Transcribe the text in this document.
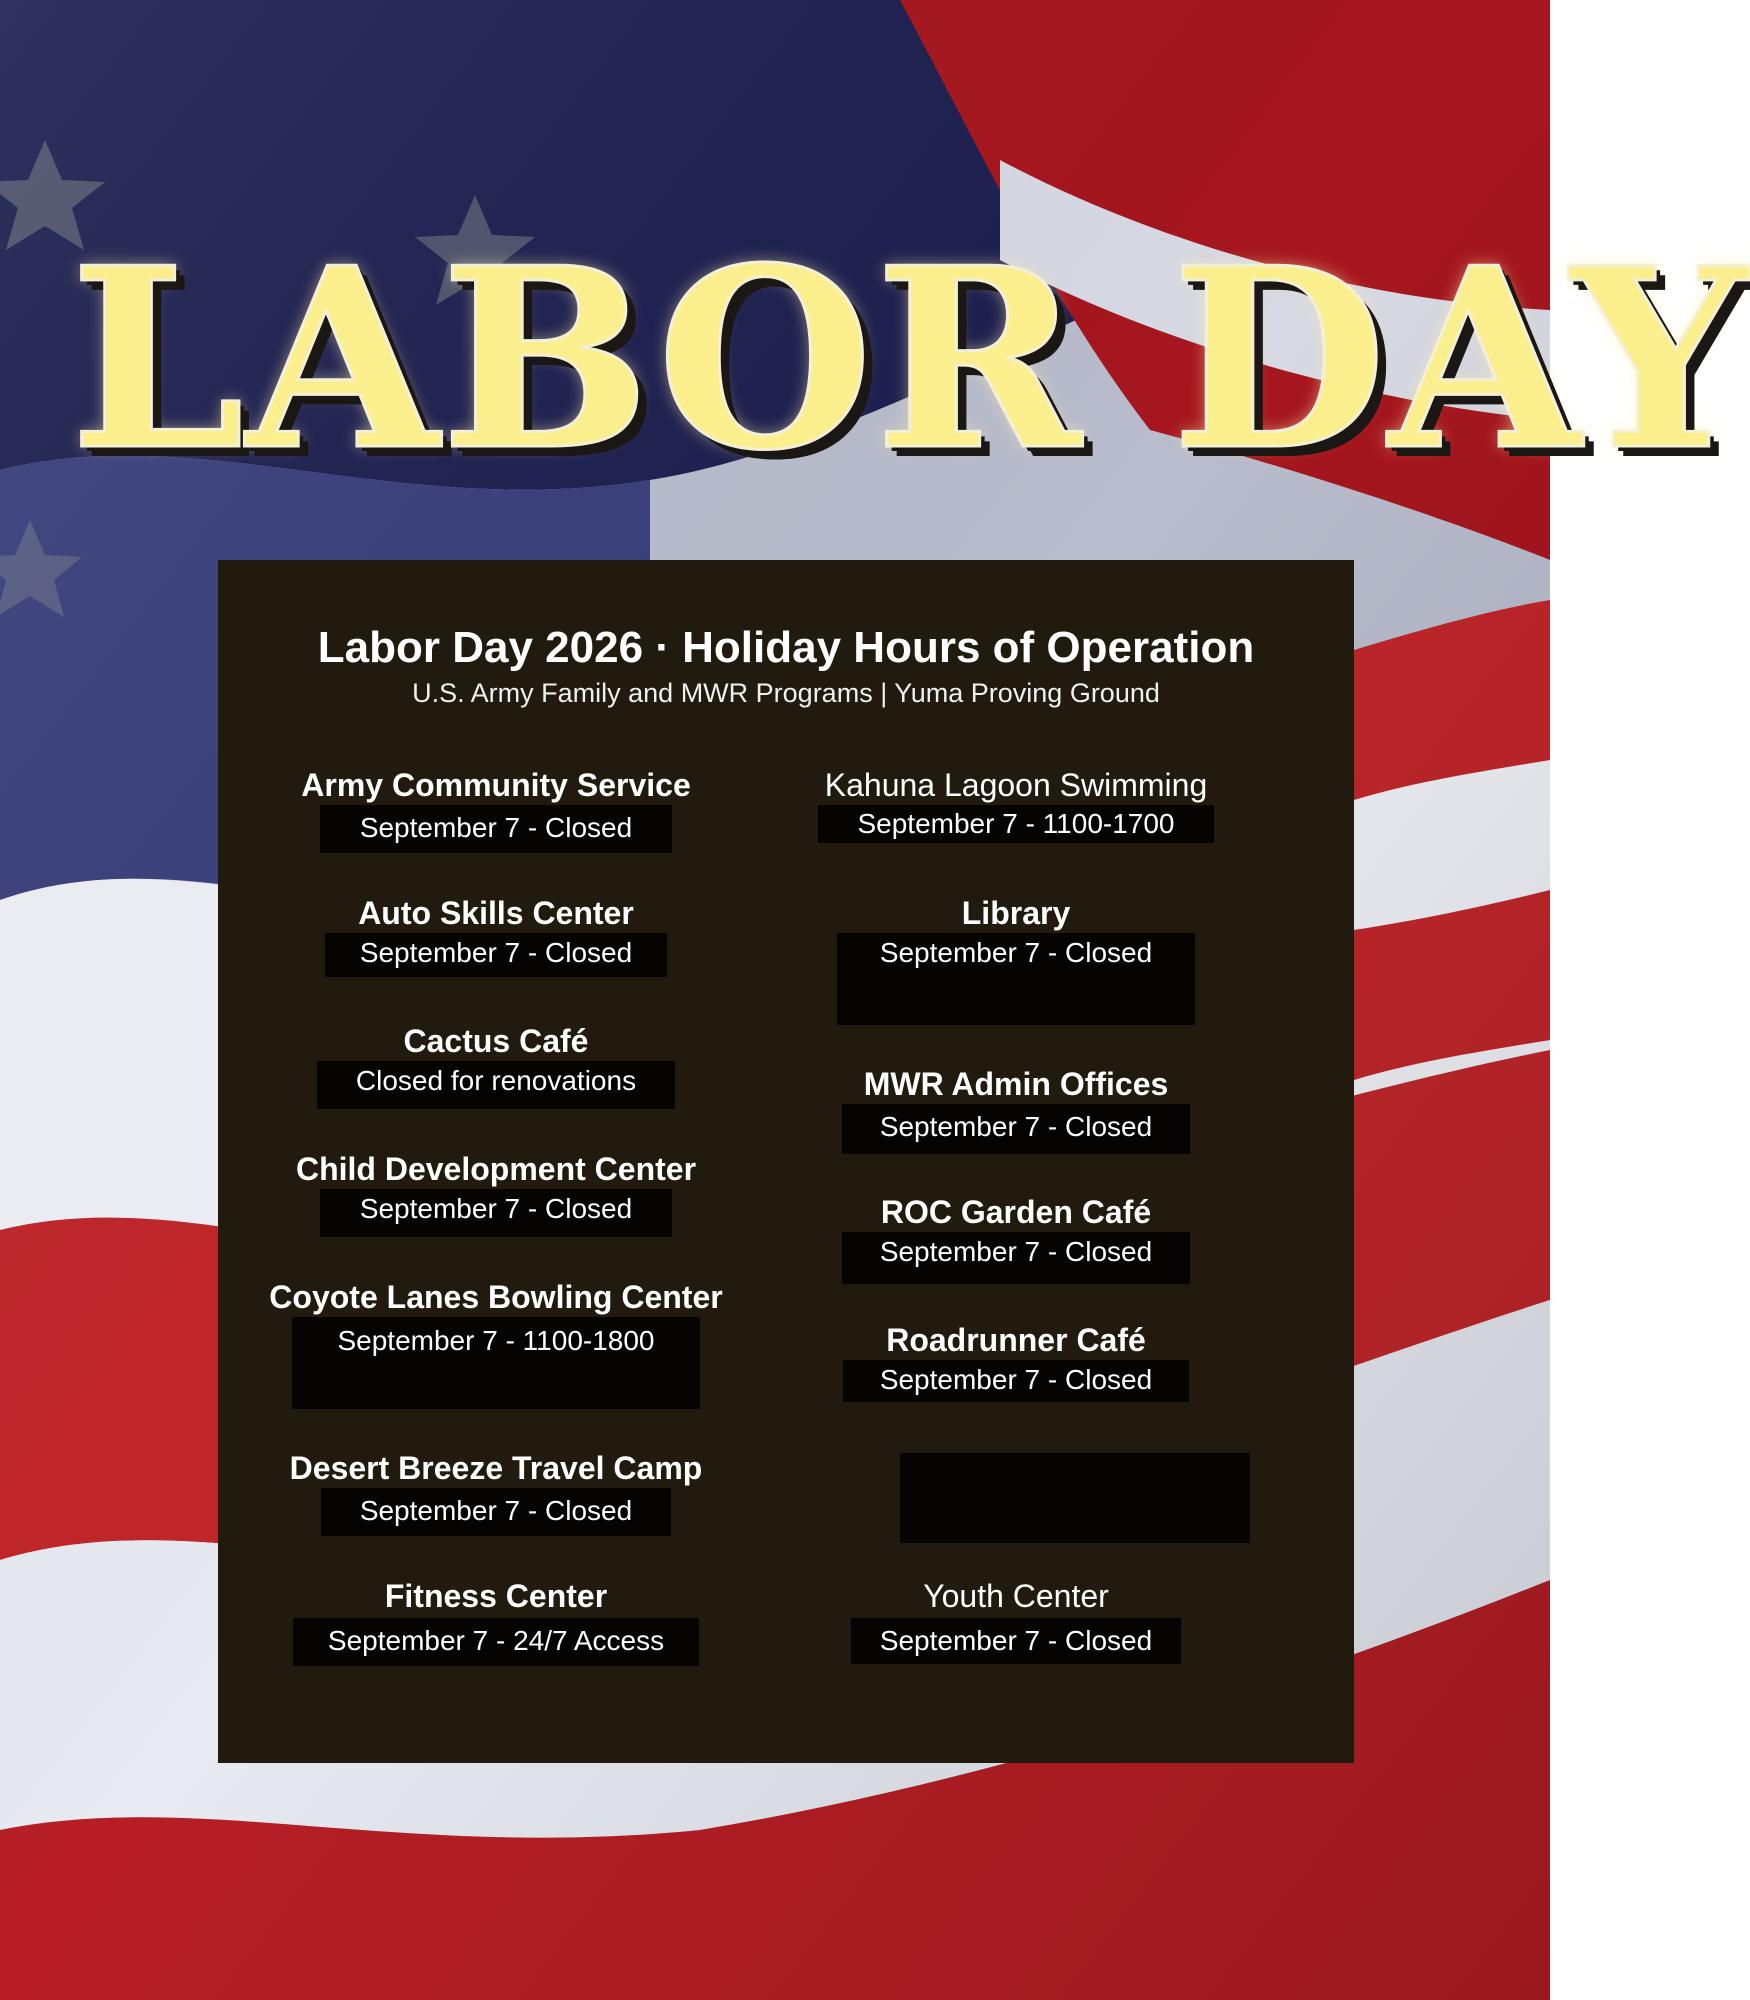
LABOR DAY
Labor Day 2026 · Holiday Hours of Operation
U.S. Army Family and MWR Programs | Yuma Proving Ground
Army Community Service
September 7 - Closed
Auto Skills Center
September 7 - Closed
Cactus Café
Closed for renovations
Child Development Center
September 7 - Closed
Coyote Lanes Bowling Center
September 7 - 1100-1800
Desert Breeze Travel Camp
September 7 - Closed
Fitness Center
September 7 - 24/7 Access
Kahuna Lagoon Swimming
September 7 - 1100-1700
Library
September 7 - Closed
MWR Admin Offices
September 7 - Closed
ROC Garden Café
September 7 - Closed
Roadrunner Café
September 7 - Closed
Youth Center
September 7 - Closed
